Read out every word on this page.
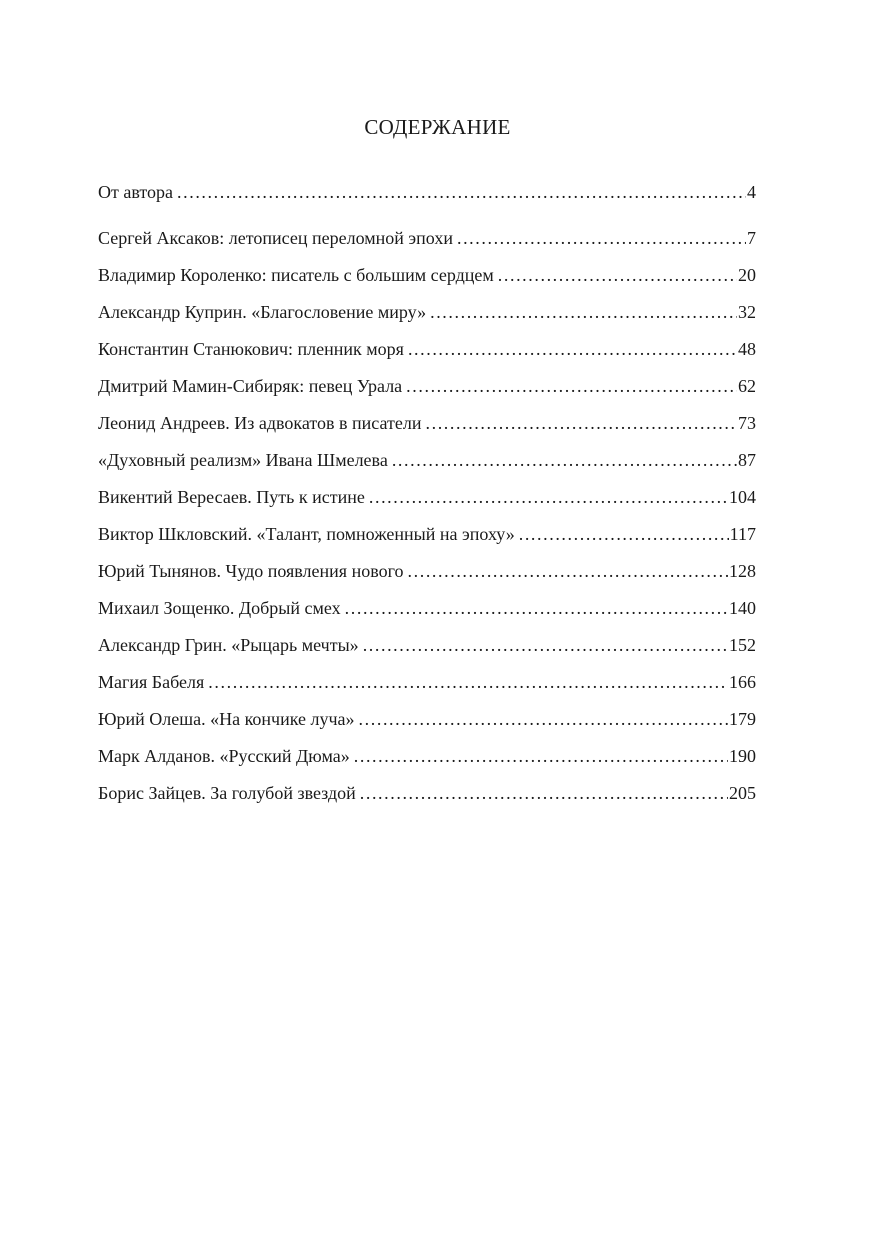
СОДЕРЖАНИЕ
От автора .....	4
Сергей Аксаков: летописец переломной эпохи .....	7
Владимир Короленко: писатель с большим сердцем .....	20
Александр Куприн. «Благословение миру» .....	32
Константин Станюкович: пленник моря .....	48
Дмитрий Мамин-Сибиряк: певец Урала .....	62
Леонид Андреев. Из адвокатов в писатели .....	73
«Духовный реализм» Ивана Шмелева .....	87
Викентий Вересаев. Путь к истине .....	104
Виктор Шкловский. «Талант, помноженный на эпоху» .....	117
Юрий Тынянов. Чудо появления нового .....	128
Михаил Зощенко. Добрый смех .....	140
Александр Грин. «Рыцарь мечты» .....	152
Магия Бабеля .....	166
Юрий Олеша. «На кончике луча» .....	179
Марк Алданов. «Русский Дюма» .....	190
Борис Зайцев. За голубой звездой .....	205
